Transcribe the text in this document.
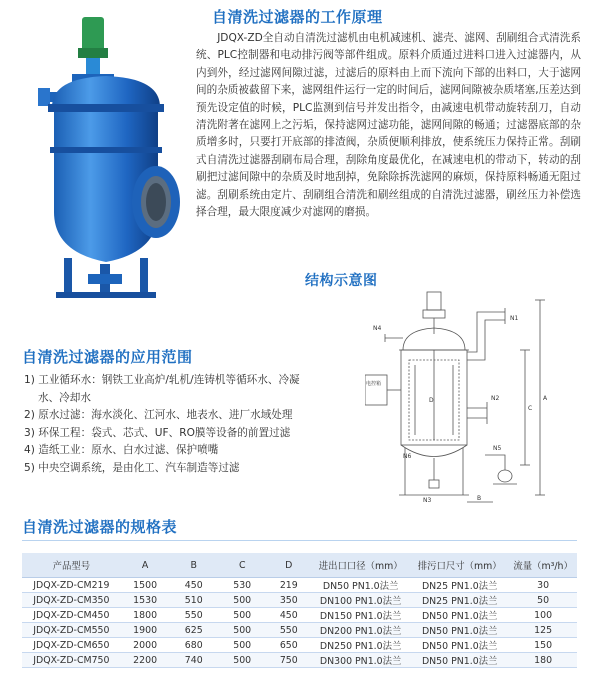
自清洗过滤器的工作原理
JDQX-ZD全自动自清洗过滤机由电机减速机、滤壳、滤网、刮刷组合式清洗系统、PLC控制器和电动排污阀等部件组成。原料介质通过进料口进入过滤器内，从内到外，经过滤网间隙过滤，过滤后的原料由上而下流向下部的出料口，大于滤网间的杂质被截留下来，滤网组件运行一定的时间后，滤网间隙被杂质堵塞,压差达到预先设定值的时候，PLC监测到信号并发出指令，由减速电机带动旋转刮刀，自动清洗附著在滤网上之污垢，保持滤网过滤功能，滤网间隙的畅通；过滤器底部的杂质增多时，只要打开底部的排渣阀，杂质便顺利排放，使系统压力保持正常。刮刷式自清洗过滤器刮刷布局合理，刮除角度最优化，在减速电机的带动下，转动的刮刷把过滤间隙中的杂质及时地刮掉，免除除拆洗滤网的麻烦，保持原料畅通无阻过滤。刮刷系统由定片、刮刷组合清洗和刷丝组成的自清洗过滤器，刷丝压力补偿选择合理，最大限度减少对滤网的磨损。
结构示意图
N4
N1
N2
N3
N5
N6
A
C
D
B
电控箱
自清洗过滤器的应用范围
1) 工业循环水：钢铁工业高炉/轧机/连铸机等循环水、冷凝
水、冷却水
2) 原水过滤：海水淡化、江河水、地表水、进厂水域处理
3) 环保工程：袋式、芯式、UF、RO膜等设备的前置过滤
4) 造纸工业：原水、白水过滤、保护喷嘴
5) 中央空调系统，是由化工、汽车制造等过滤
自清洗过滤器的规格表
产品型号	A	B	C	D	进出口口径（mm）	排污口尺寸（mm）	流量（m³/h）
JDQX-ZD-CM219	1500	450	530	219	DN50 PN1.0法兰	DN25 PN1.0法兰	30
JDQX-ZD-CM350	1530	510	500	350	DN100 PN1.0法兰	DN25 PN1.0法兰	50
JDQX-ZD-CM450	1800	550	500	450	DN150 PN1.0法兰	DN50 PN1.0法兰	100
JDQX-ZD-CM550	1900	625	500	550	DN200 PN1.0法兰	DN50 PN1.0法兰	125
JDQX-ZD-CM650	2000	680	500	650	DN250 PN1.0法兰	DN50 PN1.0法兰	150
JDQX-ZD-CM750	2200	740	500	750	DN300 PN1.0法兰	DN50 PN1.0法兰	180
